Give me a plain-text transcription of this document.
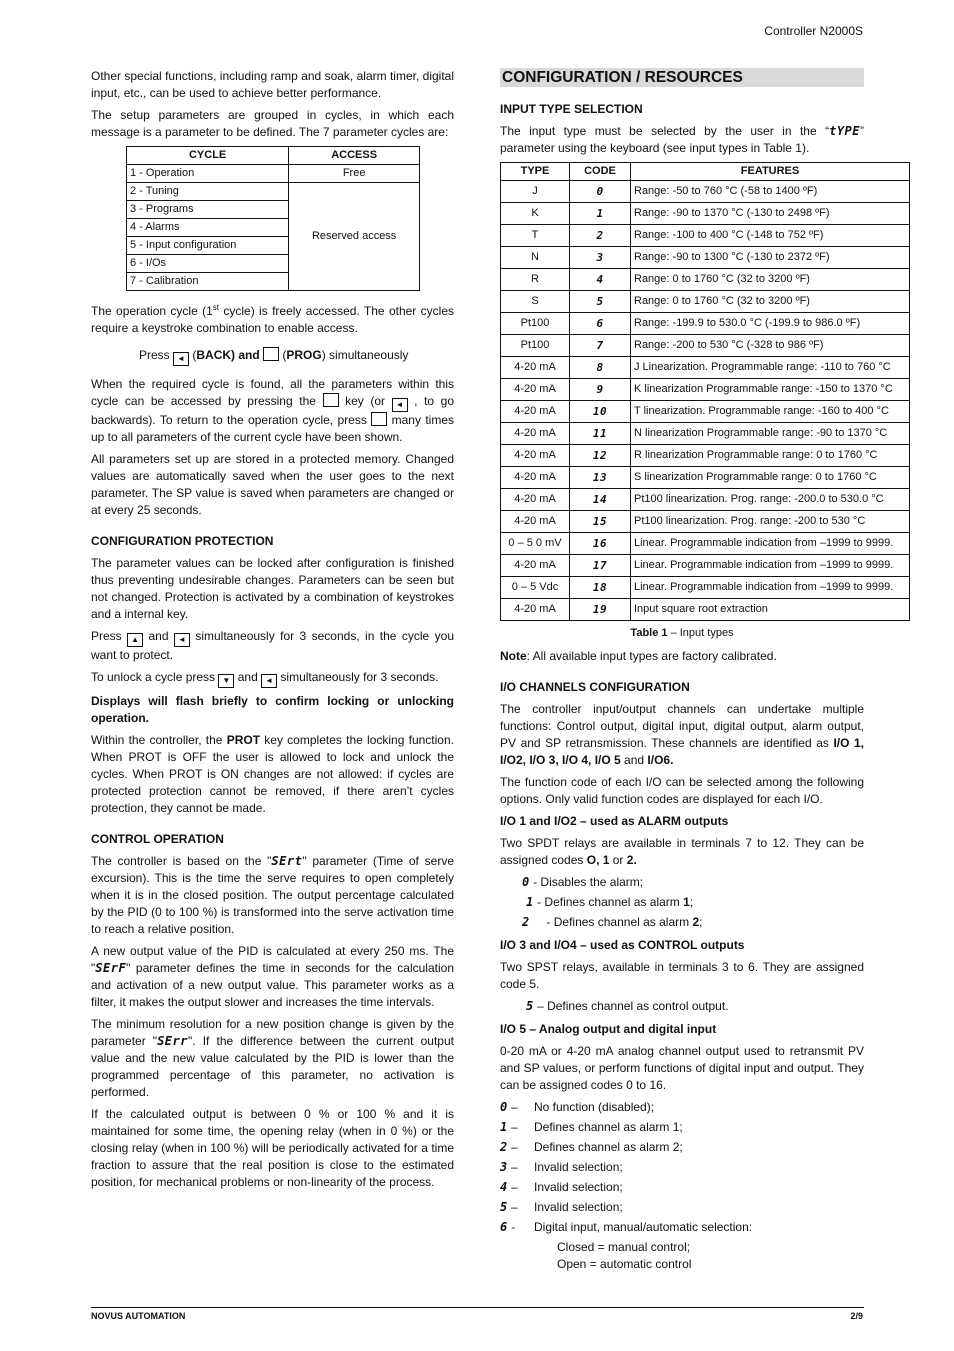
Controller N2000S

Other special functions, including ramp and soak, alarm timer, digital input, etc., can be used to achieve better performance.

The setup parameters are grouped in cycles, in which each message is a parameter to be defined. The 7 parameter cycles are:

CYCLE	ACCESS
1 - Operation	Free
2 - Tuning	Reserved access
3 - Programs	
4 - Alarms	
5 - Input configuration	
6 - I/Os	
7 - Calibration	

The operation cycle (1st cycle) is freely accessed. The other cycles require a keystroke combination to enable access.

Press ◄ (BACK) and  (PROG) simultaneously

When the required cycle is found, all the parameters within this cycle can be accessed by pressing the  key (or ◄ , to go backwards). To return to the operation cycle, press  many times up to all parameters of the current cycle have been shown.

All parameters set up are stored in a protected memory. Changed values are automatically saved when the user goes to the next parameter. The SP value is saved when parameters are changed or at every 25 seconds.

CONFIGURATION PROTECTION

The parameter values can be locked after configuration is finished thus preventing undesirable changes. Parameters can be seen but not changed. Protection is activated by a combination of keystrokes and a internal key.

Press ▲ and ◄ simultaneously for 3 seconds, in the cycle you want to protect.

To unlock a cycle press ▼ and ◄ simultaneously for 3 seconds.

Displays will flash briefly to confirm locking or unlocking operation.

Within the controller, the PROT key completes the locking function. When PROT is OFF the user is allowed to lock and unlock the cycles. When PROT is ON changes are not allowed: if cycles are protected protection cannot be removed, if there aren’t cycles protection, they cannot be made.

CONTROL OPERATION

The controller is based on the "SErt" parameter (Time of serve excursion). This is the time the serve requires to open completely when it is in the closed position. The output percentage calculated by the PID (0 to 100 %) is transformed into the serve activation time to reach a relative position.

A new output value of the PID is calculated at every 250 ms. The "SErF" parameter defines the time in seconds for the calculation and activation of a new output value. This parameter works as a filter, it makes the output slower and increases the time intervals.

The minimum resolution for a new position change is given by the parameter "SErr". If the difference between the current output value and the new value calculated by the PID is lower than the programmed percentage of this parameter, no activation is performed.

If the calculated output is between 0 % or 100 % and it is maintained for some time, the opening relay (when in 0 %) or the closing relay (when in 100 %) will be periodically activated for a time fraction to assure that the real position is close to the estimated position, for mechanical problems or non-linearity of the process.

CONFIGURATION / RESOURCES
INPUT TYPE SELECTION

The input type must be selected by the user in the “tYPE” parameter using the keyboard (see input types in Table 1).

TYPE	CODE	FEATURES
J	0	Range: -50 to 760 °C (-58 to 1400 ºF)
K	1	Range: -90 to 1370 °C (-130 to 2498 ºF)
T	2	Range: -100 to 400 °C (-148 to 752 ºF)
N	3	Range: -90 to 1300 °C (-130 to 2372 ºF)
R	4	Range: 0 to 1760 °C (32 to 3200 ºF)
S	5	Range: 0 to 1760 °C (32 to 3200 ºF)
Pt100	6	Range: -199.9 to 530.0 °C (-199.9 to 986.0 ºF)
Pt100	7	Range: -200 to 530 °C (-328 to 986 ºF)
4-20 mA	8	J Linearization. Programmable range: -110 to 760 °C
4-20 mA	9	K linearization Programmable range: -150 to 1370 °C
4-20 mA	10	T linearization. Programmable range: -160 to 400 °C
4-20 mA	11	N linearization Programmable range: -90 to 1370 °C
4-20 mA	12	R linearization Programmable range: 0 to 1760 °C
4-20 mA	13	S linearization Programmable range: 0 to 1760 °C
4-20 mA	14	Pt100 linearization. Prog. range: -200.0 to 530.0 °C
4-20 mA	15	Pt100 linearization. Prog. range: -200 to 530 °C
0 – 5 0 mV	16	Linear. Programmable indication from –1999 to 9999.
4-20 mA	17	Linear. Programmable indication from –1999 to 9999.
0 – 5 Vdc	18	Linear. Programmable indication from –1999 to 9999.
4-20 mA	19	Input square root extraction
Table 1 – Input types

Note: All available input types are factory calibrated.

I/O CHANNELS CONFIGURATION

The controller input/output channels can undertake multiple functions: Control output, digital input, digital output, alarm output, PV and SP retransmission. These channels are identified as I/O 1, I/O2, I/O 3, I/O 4, I/O 5 and I/O6.

The function code of each I/O can be selected among the following options. Only valid function codes are displayed for each I/O.

I/O 1 and I/O2 – used as ALARM outputs

Two SPDT relays are available in terminals 7 to 12. They can be assigned codes O, 1 or 2.

0 - Disables the alarm;
1 - Defines channel as alarm 1 ;
2 - Defines channel as alarm 2 ;
I/O 3 and I/O4 – used as CONTROL outputs

Two SPST relays, available in terminals 3 to 6. They are assigned code 5.

5 – Defines channel as control output.
I/O 5 – Analog output and digital input

0-20 mA or 4-20 mA analog channel output used to retransmit PV and SP values, or perform functions of digital input and output. They can be assigned codes 0 to 16.

0 –	No function (disabled);
1 –	Defines channel as alarm 1;
2 –	Defines channel as alarm 2;
3 –	Invalid selection;
4 –	Invalid selection;
5 –	Invalid selection;
6 -	Digital input, manual/automatic selection:
Closed = manual control;
Open = automatic control
NOVUS AUTOMATION	2/9
